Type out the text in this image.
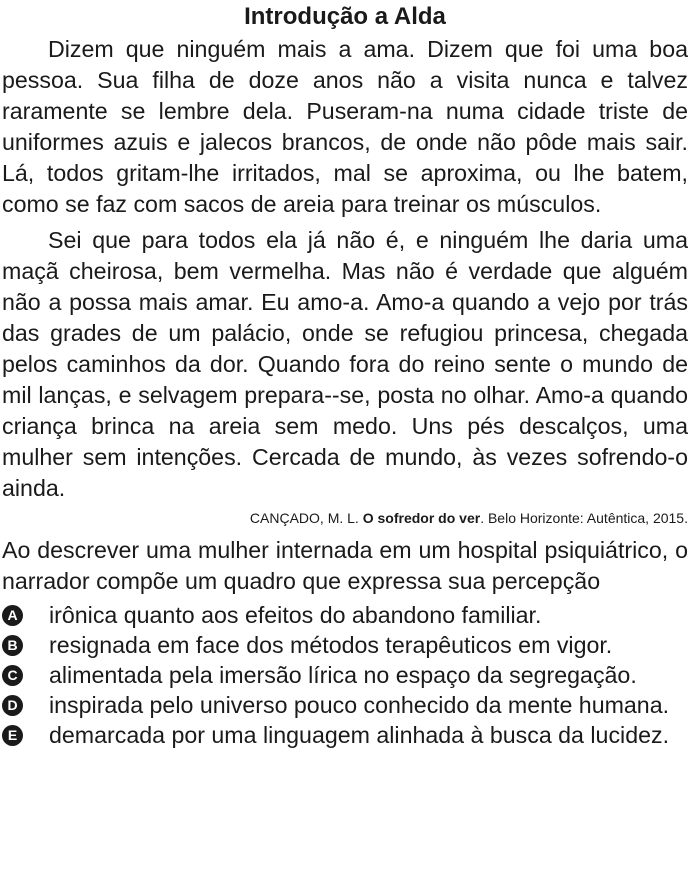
Introdução a Alda

Dizem que ninguém mais a ama. Dizem que foi uma boa pessoa. Sua filha de doze anos não a visita nunca e talvez raramente se lembre dela. Puseram-na numa cidade triste de uniformes azuis e jalecos brancos, de onde não pôde mais sair. Lá, todos gritam-lhe irritados, mal se aproxima, ou lhe batem, como se faz com sacos de areia para treinar os músculos.

Sei que para todos ela já não é, e ninguém lhe daria uma maçã cheirosa, bem vermelha. Mas não é verdade que alguém não a possa mais amar. Eu amo-a. Amo-a quando a vejo por trás das grades de um palácio, onde se refugiou princesa, chegada pelos caminhos da dor. Quando fora do reino sente o mundo de mil lanças, e selvagem prepara--se, posta no olhar. Amo-a quando criança brinca na areia sem medo. Uns pés descalços, uma mulher sem intenções. Cercada de mundo, às vezes sofrendo-o ainda.

CANÇADO, M. L. O sofredor do ver. Belo Horizonte: Autêntica, 2015.

Ao descrever uma mulher internada em um hospital psiquiátrico, o narrador compõe um quadro que expressa sua percepção

A irônica quanto aos efeitos do abandono familiar.
B resignada em face dos métodos terapêuticos em vigor.
C alimentada pela imersão lírica no espaço da segregação.
D inspirada pelo universo pouco conhecido da mente humana.
E demarcada por uma linguagem alinhada à busca da lucidez.
